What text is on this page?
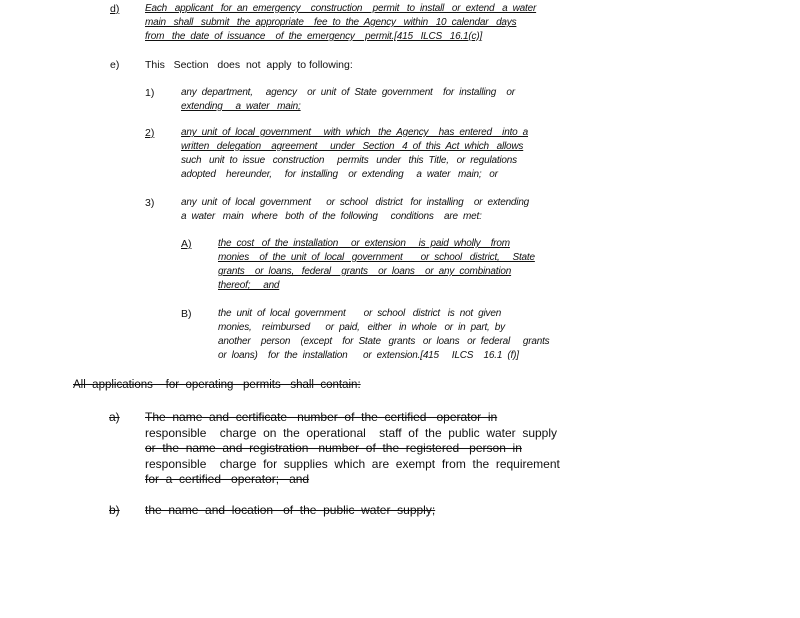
d)	Each   applicant   for  an  emergency    construction    permit   to  install   or  extend   a  water
main   shall   submit   the  appropriate    fee  to  the  Agency   within   10  calendar   days
from   the  date  of  issuance    of  the  emergency    permit.[415   ILCS   16.1(c)]
e) This   Section   does  not  apply  to following:
1)	any  department,     agency    or  unit  of  State  government    for  installing    or
extending     a  water   main;
2)	any  unit  of  local  government     with  which   the  Agency    has  entered    into  a
written   delegation    agreement     under   Section   4  of  this  Act  which   allows
such   unit  to  issue   construction     permits   under   this  Title,   or  regulations
adopted    hereunder,     for  installing    or  extending     a  water   main;   or
3)	any  unit  of  local  government      or  school   district   for  installing    or  extending
a  water   main   where   both  of  the  following     conditions    are  met:
A)	the  cost   of  the  installation     or  extension     is  paid  wholly    from
monies    of  the  unit  of  local   government       or  school   district,     State
grants    or  loans,   federal    grants    or  loans    or  any  combination
thereof;     and
B)	the  unit  of  local  government       or  school   district   is  not  given
monies,    reimbursed      or  paid,   either   in  whole   or  in  part,  by
another    person    (except    for  State   grants   or  loans   or  federal     grants
or  loans)    for  the  installation      or  extension.[415     ILCS    16.1  (f)]
All  applications    for  operating   permits   shall  contain:
a) The  name  and  certificate   number  of  the  certified   operator  in
responsible    charge  on  the  operational    staff  of  the  public  water  supply
or  the  name  and  registration   number  of  the  registered   person  in
responsible    charge  for  supplies  which  are  exempt  from  the  requirement
for  a  certified   operator;   and
b) the  name  and  location   of  the  public  water  supply;
